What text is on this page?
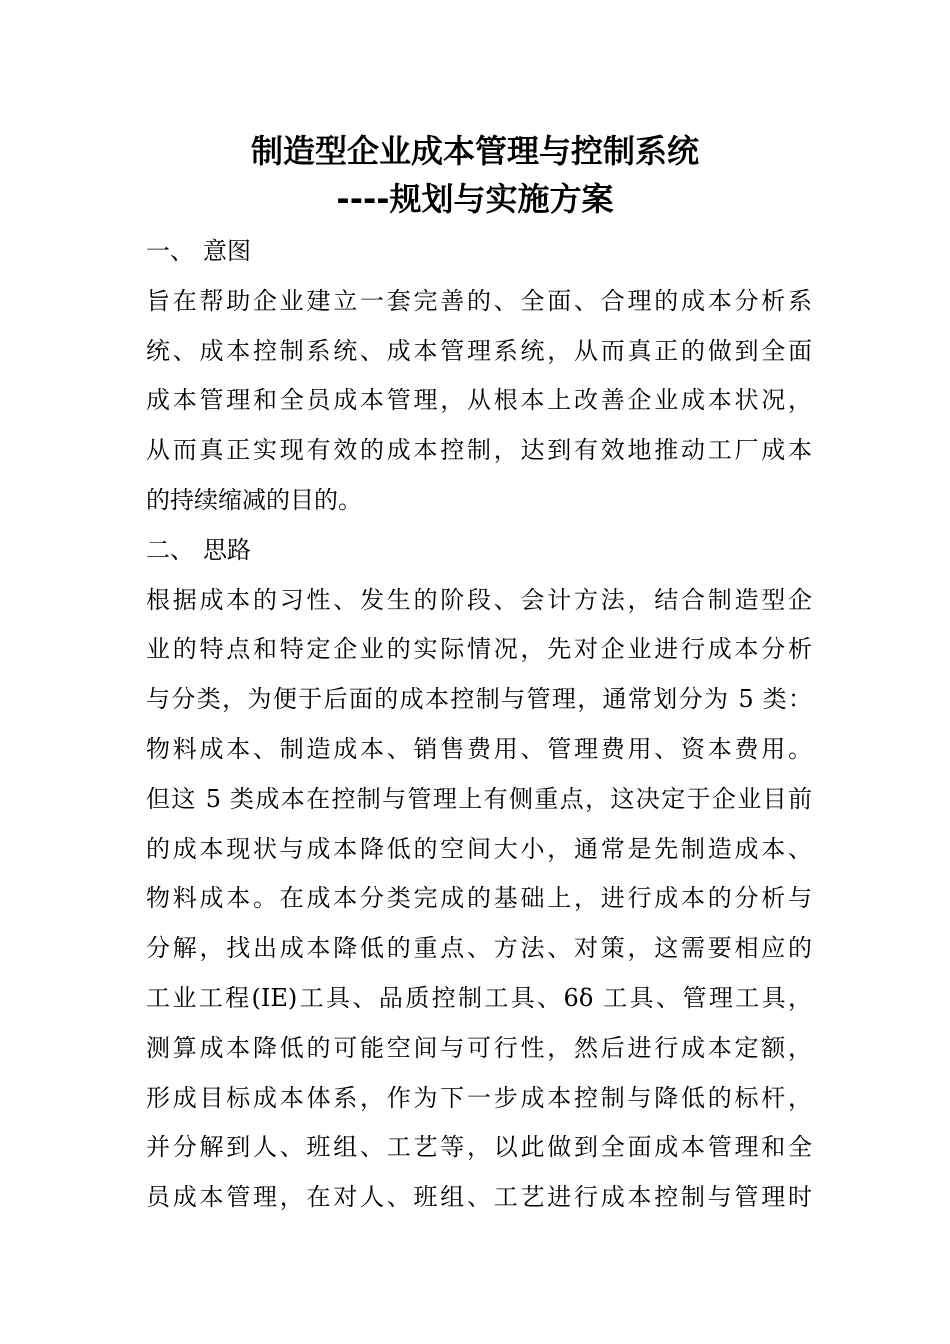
制造型企业成本管理与控制系统
----规划与实施方案
一、 意图
旨在帮助企业建立一套完善的、全面、合理的成本分析系
统、成本控制系统、成本管理系统，从而真正的做到全面
成本管理和全员成本管理，从根本上改善企业成本状况，
从而真正实现有效的成本控制，达到有效地推动工厂成本
的持续缩减的目的。
二、 思路
根据成本的习性、发生的阶段、会计方法，结合制造型企
业的特点和特定企业的实际情况，先对企业进行成本分析
与分类，为便于后面的成本控制与管理，通常划分为 5 类：
物料成本、制造成本、销售费用、管理费用、资本费用。
但这 5 类成本在控制与管理上有侧重点，这决定于企业目前
的成本现状与成本降低的空间大小，通常是先制造成本、
物料成本。在成本分类完成的基础上，进行成本的分析与
分解，找出成本降低的重点、方法、对策，这需要相应的
工业工程(IE)工具、品质控制工具、6δ 工具、管理工具，
测算成本降低的可能空间与可行性，然后进行成本定额，
形成目标成本体系，作为下一步成本控制与降低的标杆，
并分解到人、班组、工艺等，以此做到全面成本管理和全
员成本管理，在对人、班组、工艺进行成本控制与管理时
